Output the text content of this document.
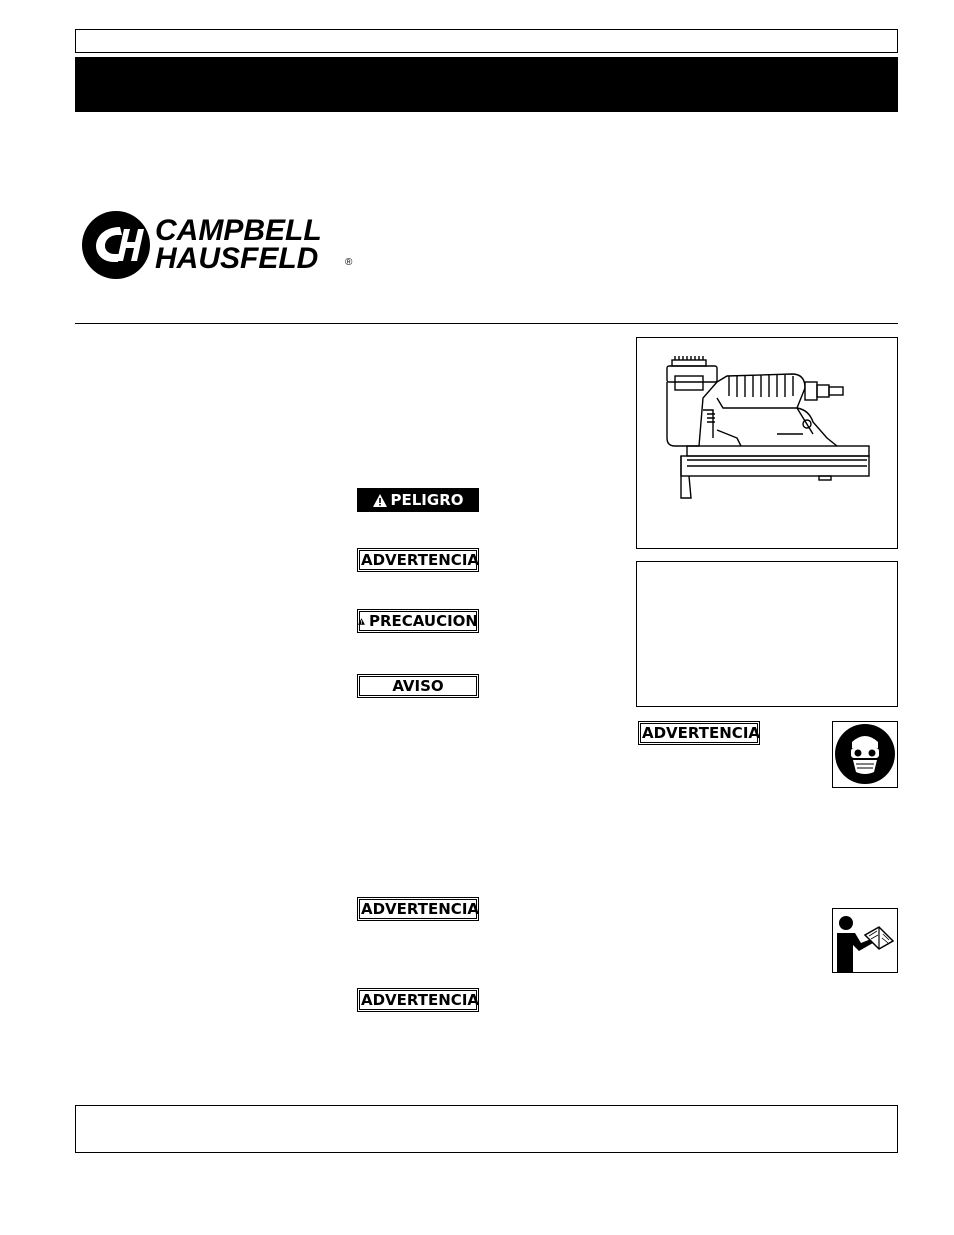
CAMPBELL
HAUSFELD	®
PELIGRO
ADVERTENCIA
PRECAUCION
AVISO
ADVERTENCIA
ADVERTENCIA
ADVERTENCIA
